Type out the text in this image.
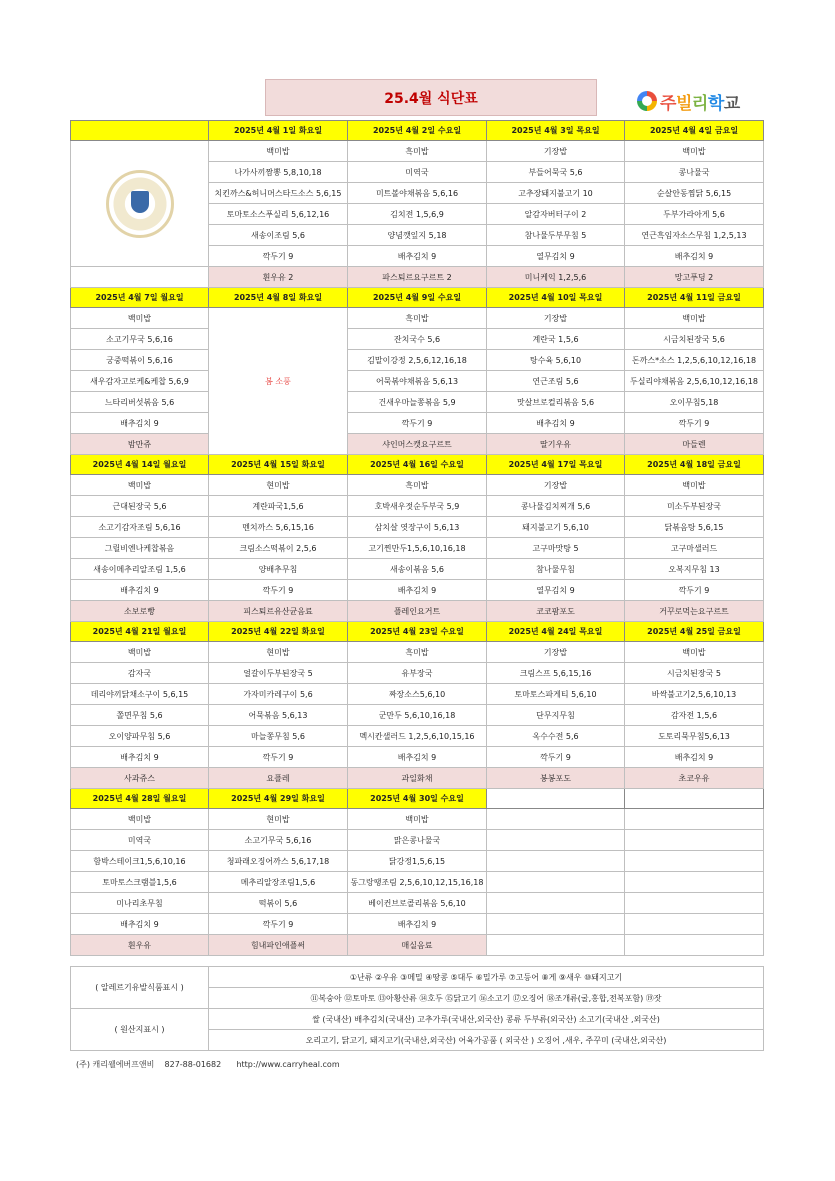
25.4월 식단표	주빌리학교
	2025년 4월 1일 화요일	2025년 4월 2일 수요일	2025년 4월 3일 목요일	2025년 4월 4일 금요일

	백미밥	흑미밥	기장밥	백미밥
	나가사끼짬뽕 5,8,10,18	미역국	부들어묵국 5,6	콩나물국
	치킨까스&허니머스타드소스 5,6,15	미트볼야채볶음 5,6,16	고추장돼지불고기 10	순살안동찜닭 5,6,15
	토마토소스푸실리 5,6,12,16	김치전 1,5,6,9	알감자버터구이 2	두부가라아게 5,6
	새송이조림 5,6	양념깻잎지 5,18	참나물두부무침 5	연근흑임자소스무침 1,2,5,13
	깍두기 9	배추김치 9	열무김치 9	배추김치 9
	흰우유 2	파스퇴르요구르트 2	미니케익 1,2,5,6	망고푸딩 2
2025년 4월 7일 월요일	2025년 4월 8일 화요일	2025년 4월 9일 수요일	2025년 4월 10일 목요일	2025년 4월 11일 금요일
백미밥	봄 소풍	흑미밥	기장밥	백미밥
소고기무국 5,6,16		잔치국수 5,6	계란국 1,5,6	시금치된장국 5,6
궁중떡볶이 5,6,16		김말이강정 2,5,6,12,16,18	탕수육 5,6,10	돈까스*소스 1,2,5,6,10,12,16,18
새우감자고로케&케찹 5,6,9		어묵볶야채볶음 5,6,13	연근조림 5,6	두실리야채볶음 2,5,6,10,12,16,18
느타리버섯볶음 5,6		건새우마늘쫑볶음 5,9	맛살브로컬리볶음 5,6	오이무침5,18
배추김치 9		깍두기 9	배추김치 9	깍두기 9
밤만쥬		샤인머스캣요구르트	딸기우유	마들렌
2025년 4월 14일 월요일	2025년 4월 15일 화요일	2025년 4월 16일 수요일	2025년 4월 17일 목요일	2025년 4월 18일 금요일
백미밥	현미밥	흑미밥	기장밥	백미밥
근대된장국 5,6	계란파국1,5,6	호박새우젓순두부국 5,9	콩나물김치찌개 5,6	미소두부된장국
소고기감자조림 5,6,16	멘치까스 5,6,15,16	삼치살 엿장구이 5,6,13	돼지불고기 5,6,10	닭볶음탕 5,6,15
그릴비엔나케찹볶음	크림소스떡볶이 2,5,6	고기찐만두1,5,6,10,16,18	고구마맛탕 5	고구마샐러드
새송이메추리알조림 1,5,6	양배추무침	새송이볶음 5,6	참나물무침	오복지무침 13
배추김치 9	깍두기 9	배추김치 9	열무김치 9	깍두기 9
소보로빵	피스퇴르유산균음료	플레인요거트	코코팜포도	거꾸로먹는요구르트
2025년 4월 21일 월요일	2025년 4월 22일 화요일	2025년 4월 23일 수요일	2025년 4월 24일 목요일	2025년 4월 25일 금요일
백미밥	현미밥	흑미밥	기장밥	백미밥
감자국	얼갈이두부된장국 5	유부장국	크림스프 5,6,15,16	시금치된장국 5
데리야끼닭채소구이 5,6,15	가자미카레구이 5,6	짜장소스5,6,10	토마토스파게티 5,6,10	바싹불고기2,5,6,10,13
쫄면무침 5,6	어묵볶음 5,6,13	군만두 5,6,10,16,18	단무지무침	감자전 1,5,6
오이양파무침 5,6	마늘쫑무침 5,6	멕시칸샐러드 1,2,5,6,10,15,16	옥수수전 5,6	도토리묵무침5,6,13
배추김치 9	깍두기 9	배추김치 9	깍두기 9	배추김치 9
사과쥬스	요플레	과일화채	봉봉포도	초코우유
2025년 4월 28일 월요일	2025년 4월 29일 화요일	2025년 4월 30일 수요일		
백미밥	현미밥	백미밥		
미역국	소고기무국 5,6,16	맑은콩나물국		
함박스테이크1,5,6,10,16	청파래오징어까스 5,6,17,18	닭강정1,5,6,15		
토마토스크램블1,5,6	메추리알장조림1,5,6	동그랑땡조림 2,5,6,10,12,15,16,18		
미나리초무침	떡볶이 5,6	베이컨브로콜리볶음 5,6,10		
배추김치 9	깍두기 9	배추김치 9		
흰우유	힘내파인애플써	매실음료		
( 알레르기유발식품표시 )	①난류 ②우유 ③메밀 ④땅콩 ⑤대두 ⑥밀가루 ⑦고등어 ⑧게 ⑨새우 ⑩돼지고기
	⑪복숭아 ⑫토마토 ⑬아황산류 ⑭호두 ⑮닭고기 ⑯소고기 ⑰오징어 ⑱조개류(굴,홍합,전복포함) ⑲잣
( 원산지표시 )	쌀 (국내산) 배추김치(국내산) 고추가루(국내산,외국산) 콩류 두부류(외국산) 소고기(국내산 ,외국산)
	오리고기, 닭고기, 돼지고기(국내산,외국산) 어육가공품 ( 외국산 ) 오징어 ,새우, 주꾸미 (국내산,외국산)
(주) 캐리웰에버프앤비 827-88-01682 http://www.carryheal.com
